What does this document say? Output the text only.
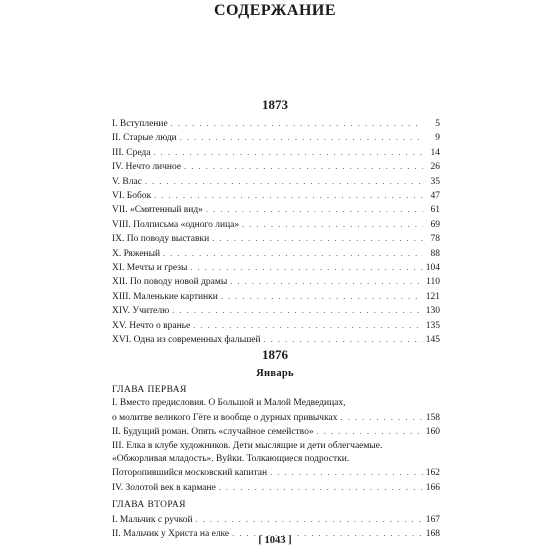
СОДЕРЖАНИЕ
1873
I. Вступление . . .	5
II. Старые люди . . .	9
III. Среда . . .	14
IV. Нечто личное . . .	26
V. Влас . . .	35
VI. Бобок . . .	47
VII. «Смятенный вид» . . .	61
VIII. Полписьма «одного лица» . . .	69
IX. По поводу выставки . . .	78
X. Ряженый . . .	88
XI. Мечты и грезы . . .	104
XII. По поводу новой драмы . . .	110
XIII. Маленькие картинки . . .	121
XIV. Учителю . . .	130
XV. Нечто о вранье . . .	135
XVI. Одна из современных фальшей . . .	145
1876
Январь
ГЛАВА ПЕРВАЯ
I. Вместо предисловия. О Большой и Малой Медведицах,
о молитве великого Гёте и вообще о дурных привычках . . .	158
II. Будущий роман. Опять «случайное семейство» . . .	160
III. Елка в клубе художников. Дети мыслящие и дети облегчаемые.
«Обжорливая младость». Вуйки. Толкающиеся подростки.
Поторопившийся московский капитан . . .	162
IV. Золотой век в кармане . . .	166
ГЛАВА ВТОРАЯ
I. Мальчик с ручкой . . .	167
II. Мальчик у Христа на елке . . .	168
[ 1043 ]
